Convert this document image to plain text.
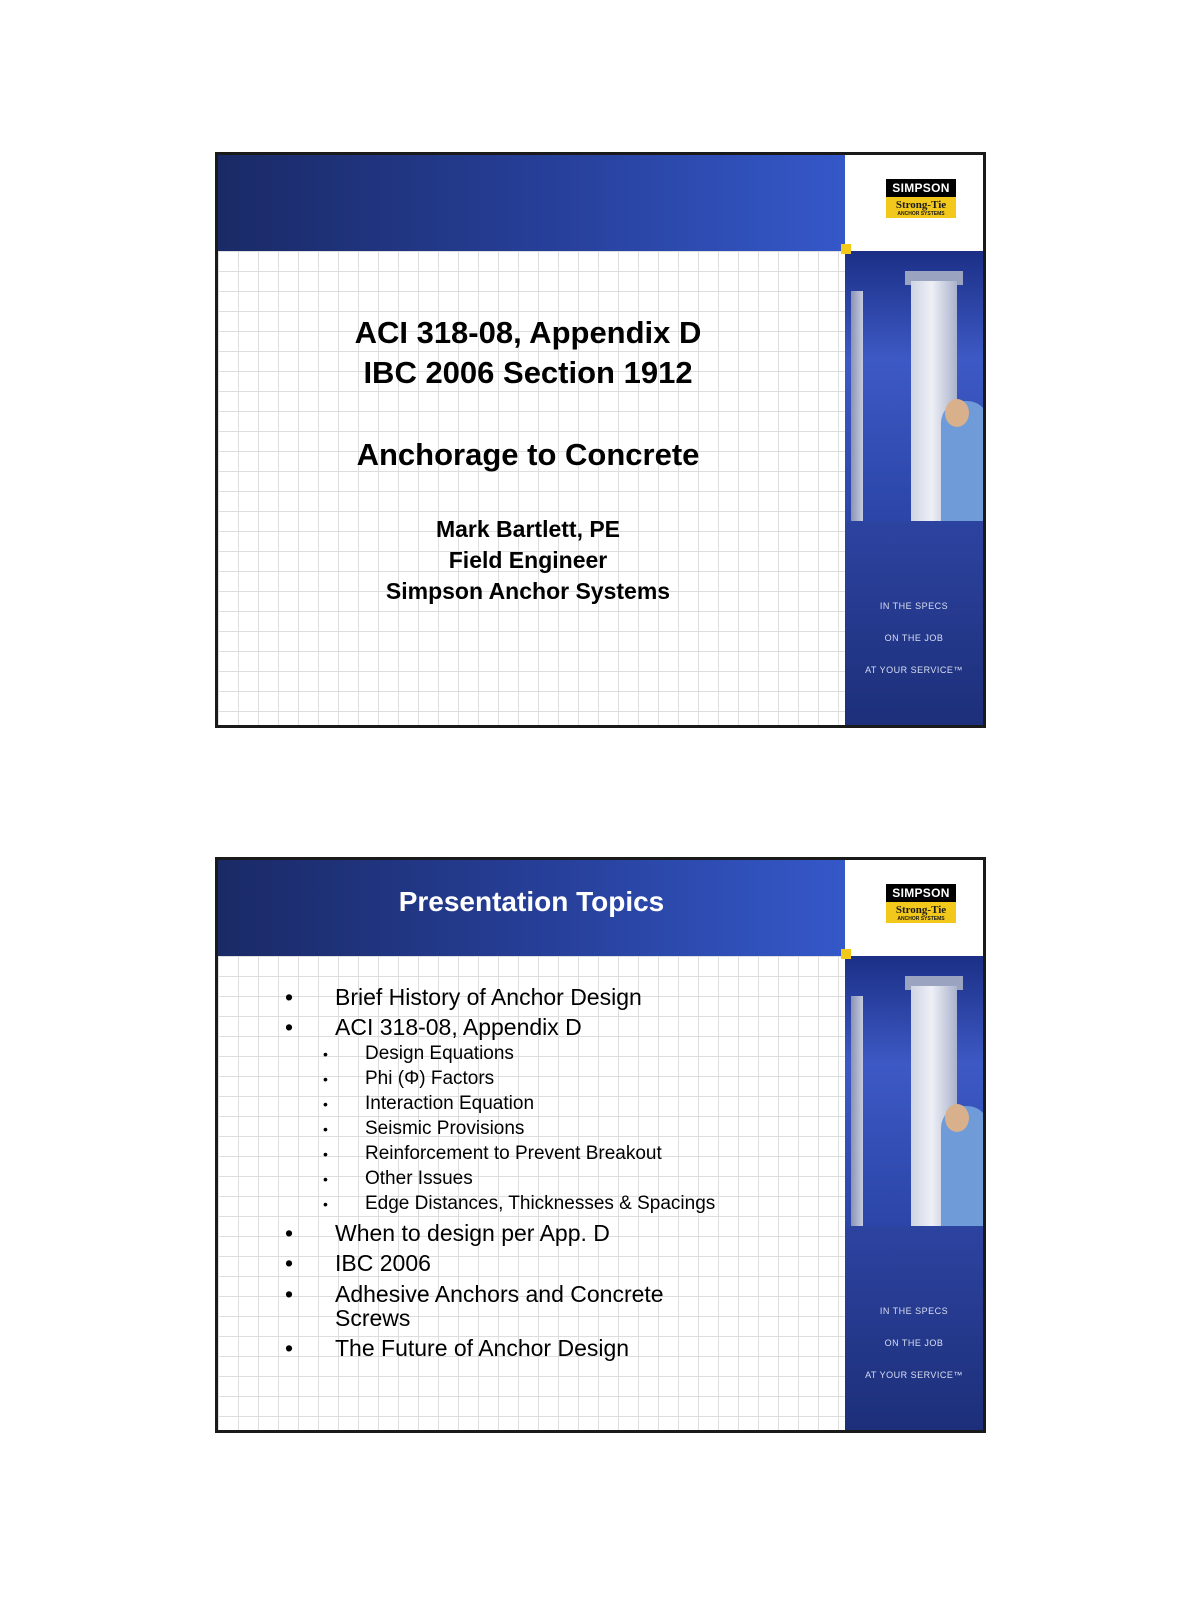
SIMPSON
Strong-Tie
ANCHOR SYSTEMS
IN THE SPECS
ON THE JOB
AT YOUR SERVICE™

ACI 318-08, Appendix D

IBC 2006 Section 1912

Anchorage to Concrete

Mark Bartlett, PE

Field Engineer

Simpson Anchor Systems

Presentation Topics	SIMPSON
Strong-Tie
ANCHOR SYSTEMS
IN THE SPECS
ON THE JOB
AT YOUR SERVICE™
• Brief History of Anchor Design
• ACI 318-08, Appendix D
• Design Equations
• Phi (Φ) Factors
• Interaction Equation
• Seismic Provisions
• Reinforcement to Prevent Breakout
• Other Issues
• Edge Distances, Thicknesses & Spacings
• When to design per App. D
• IBC 2006
• Adhesive Anchors and Concrete
Screws
• The Future of Anchor Design
